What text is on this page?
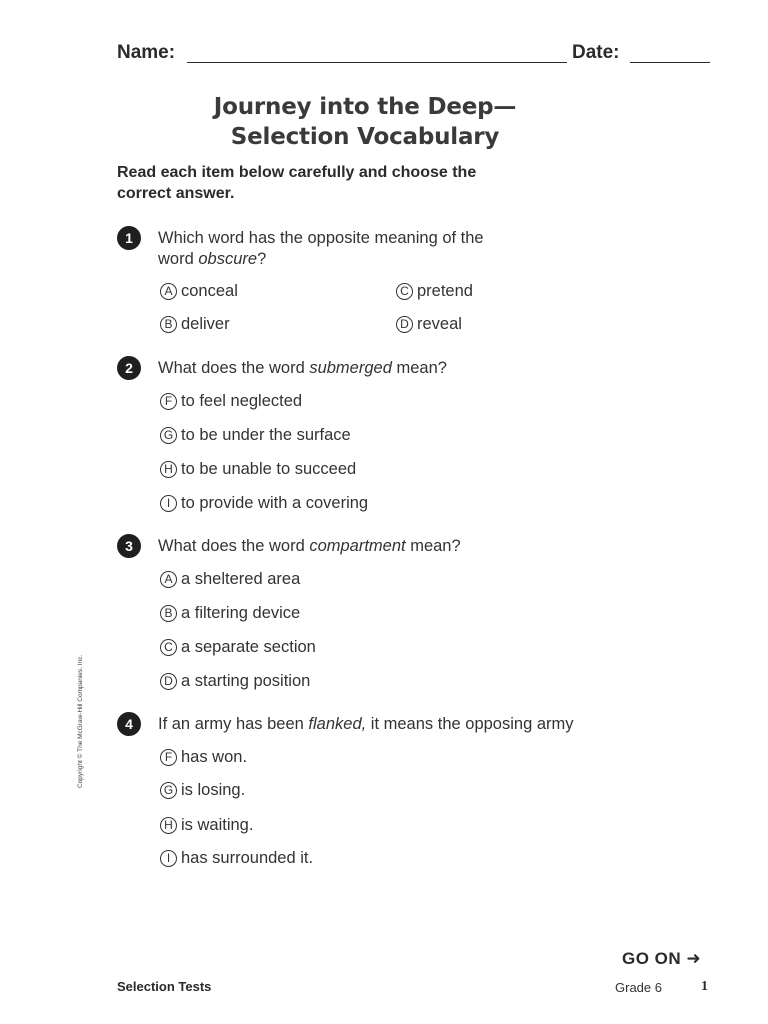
Name:	Date:
Journey into the Deep—
Selection Vocabulary
Read each item below carefully and choose the
correct answer.
1	Which word has the opposite meaning of the
word obscure?
A conceal
B deliver
C pretend
D reveal
2	What does the word submerged mean?
F to feel neglected
G to be under the surface
H to be unable to succeed
I to provide with a covering
3	What does the word compartment mean?
A a sheltered area
B a filtering device
C a separate section
D a starting position
4	If an army has been flanked, it means the opposing army
F has won.
G is losing.
H is waiting.
I has surrounded it.
Copyright © The McGraw-Hill Companies, Inc.
GO ON ➜
Selection Tests	Grade 6	1
